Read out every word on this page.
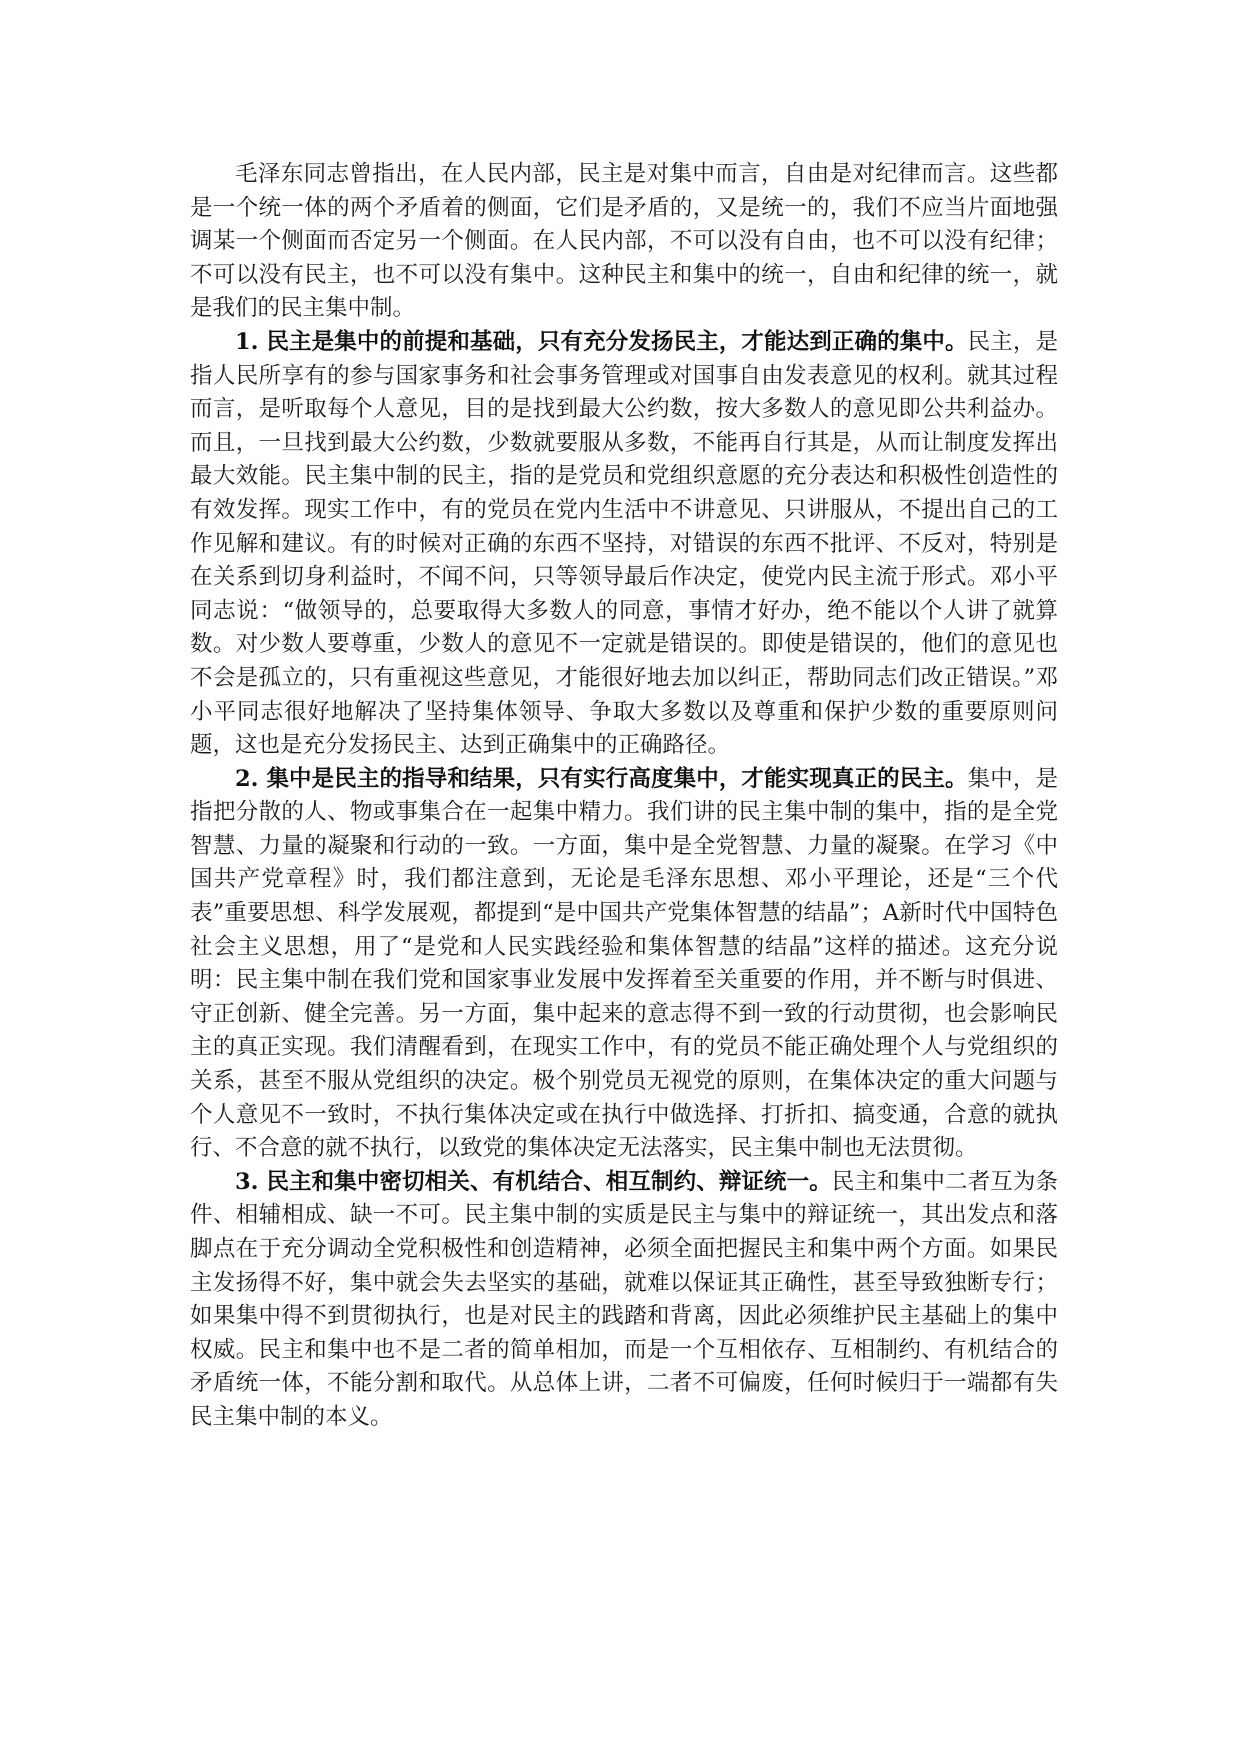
毛泽东同志曾指出，在人民内部，民主是对集中而言，自由是对纪律而言。这些都是一个统一体的两个矛盾着的侧面，它们是矛盾的，又是统一的，我们不应当片面地强调某一个侧面而否定另一个侧面。在人民内部，不可以没有自由，也不可以没有纪律；不可以没有民主，也不可以没有集中。这种民主和集中的统一，自由和纪律的统一，就是我们的民主集中制。

1. 民主是集中的前提和基础，只有充分发扬民主，才能达到正确的集中。民主，是指人民所享有的参与国家事务和社会事务管理或对国事自由发表意见的权利。就其过程而言，是听取每个人意见，目的是找到最大公约数，按大多数人的意见即公共利益办。而且，一旦找到最大公约数，少数就要服从多数，不能再自行其是，从而让制度发挥出最大效能。民主集中制的民主，指的是党员和党组织意愿的充分表达和积极性创造性的有效发挥。现实工作中，有的党员在党内生活中不讲意见、只讲服从，不提出自己的工作见解和建议。有的时候对正确的东西不坚持，对错误的东西不批评、不反对，特别是在关系到切身利益时，不闻不问，只等领导最后作决定，使党内民主流于形式。邓小平同志说：“做领导的，总要取得大多数人的同意，事情才好办，绝不能以个人讲了就算数。对少数人要尊重，少数人的意见不一定就是错误的。即使是错误的，他们的意见也不会是孤立的，只有重视这些意见，才能很好地去加以纠正，帮助同志们改正错误。”邓小平同志很好地解决了坚持集体领导、争取大多数以及尊重和保护少数的重要原则问题，这也是充分发扬民主、达到正确集中的正确路径。

2. 集中是民主的指导和结果，只有实行高度集中，才能实现真正的民主。集中，是指把分散的人、物或事集合在一起集中精力。我们讲的民主集中制的集中，指的是全党智慧、力量的凝聚和行动的一致。一方面，集中是全党智慧、力量的凝聚。在学习《中国共产党章程》时，我们都注意到，无论是毛泽东思想、邓小平理论，还是“三个代表”重要思想、科学发展观，都提到“是中国共产党集体智慧的结晶”；A新时代中国特色社会主义思想，用了“是党和人民实践经验和集体智慧的结晶”这样的描述。这充分说明：民主集中制在我们党和国家事业发展中发挥着至关重要的作用，并不断与时俱进、守正创新、健全完善。另一方面，集中起来的意志得不到一致的行动贯彻，也会影响民主的真正实现。我们清醒看到，在现实工作中，有的党员不能正确处理个人与党组织的关系，甚至不服从党组织的决定。极个别党员无视党的原则，在集体决定的重大问题与个人意见不一致时，不执行集体决定或在执行中做选择、打折扣、搞变通，合意的就执行、不合意的就不执行，以致党的集体决定无法落实，民主集中制也无法贯彻。

3. 民主和集中密切相关、有机结合、相互制约、辩证统一。民主和集中二者互为条件、相辅相成、缺一不可。民主集中制的实质是民主与集中的辩证统一，其出发点和落脚点在于充分调动全党积极性和创造精神，必须全面把握民主和集中两个方面。如果民主发扬得不好，集中就会失去坚实的基础，就难以保证其正确性，甚至导致独断专行；如果集中得不到贯彻执行，也是对民主的践踏和背离，因此必须维护民主基础上的集中权威。民主和集中也不是二者的简单相加，而是一个互相依存、互相制约、有机结合的矛盾统一体，不能分割和取代。从总体上讲，二者不可偏废，任何时候归于一端都有失民主集中制的本义。
